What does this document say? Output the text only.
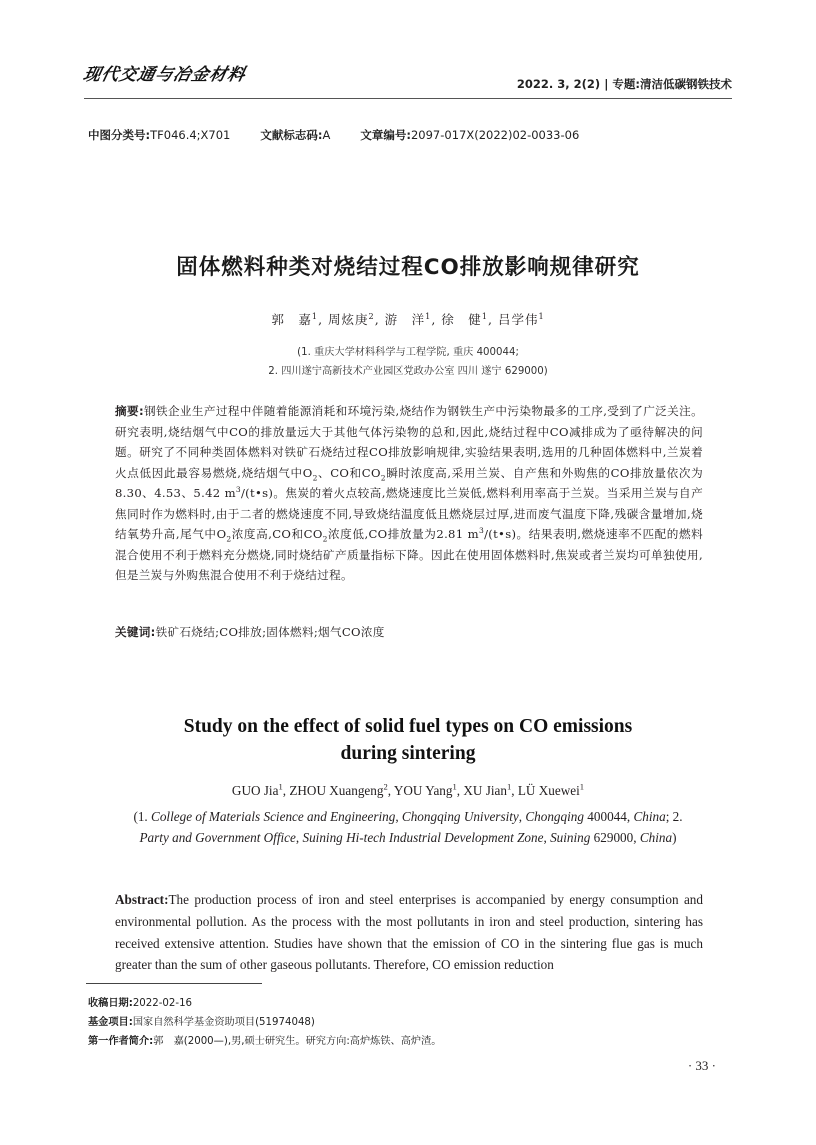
现代交通与冶金材料	2022. 3, 2(2) | 专题:清洁低碳钢铁技术
中图分类号:TF046.4;X701	文献标志码:A	文章编号:2097-017X(2022)02-0033-06
固体燃料种类对烧结过程CO排放影响规律研究
郭　嘉$^1$, 周炫庚$^2$, 游　洋$^1$, 徐　健$^1$, 吕学伟$^1$
(1. 重庆大学材料科学与工程学院, 重庆 400044;
2. 四川遂宁高新技术产业园区党政办公室 四川 遂宁 629000)
摘要:钢铁企业生产过程中伴随着能源消耗和环境污染,烧结作为钢铁生产中污染物最多的工序,受到了广泛关注。研究表明,烧结烟气中CO的排放量远大于其他气体污染物的总和,因此,烧结过程中CO减排成为了亟待解决的问题。研究了不同种类固体燃料对铁矿石烧结过程CO排放影响规律,实验结果表明,选用的几种固体燃料中,兰炭着火点低因此最容易燃烧,烧结烟气中$O_2$、CO和$CO_2$瞬时浓度高,采用兰炭、自产焦和外购焦的CO排放量依次为8.30、4.53、5.42 $m^3/(t•s)$。焦炭的着火点较高,燃烧速度比兰炭低,燃料利用率高于兰炭。当采用兰炭与自产焦同时作为燃料时,由于二者的燃烧速度不同,导致烧结温度低且燃烧层过厚,进而废气温度下降,残碳含量增加,烧结氧势升高,尾气中$O_2$浓度高,CO和$CO_2$浓度低,CO排放量为2.81 $m^3/(t•s)$。结果表明,燃烧速率不匹配的燃料混合使用不利于燃料充分燃烧,同时烧结矿产质量指标下降。因此在使用固体燃料时,焦炭或者兰炭均可单独使用,但是兰炭与外购焦混合使用不利于烧结过程。
关键词:铁矿石烧结;CO排放;固体燃料;烟气CO浓度
Study on the effect of solid fuel types on CO emissions
during sintering
GUO Jia$^1$, ZHOU Xuangeng$^2$, YOU Yang$^1$, XU Jian$^1$, LÜ Xuewei$^1$
(1. College of Materials Science and Engineering, Chongqing University, Chongqing 400044, China; 2. Party and Government Office, Suining Hi-tech Industrial Development Zone, Suining 629000, China)
Abstract:The production process of iron and steel enterprises is accompanied by energy consumption and environmental pollution. As the process with the most pollutants in iron and steel production, sintering has received extensive attention. Studies have shown that the emission of CO in the sintering flue gas is much greater than the sum of other gaseous pollutants. Therefore, CO emission reduction
收稿日期:2022-02-16
基金项目:国家自然科学基金资助项目(51974048)
第一作者简介:郭　嘉(2000—),男,硕士研究生。研究方向:高炉炼铁、高炉渣。
· 33 ·
